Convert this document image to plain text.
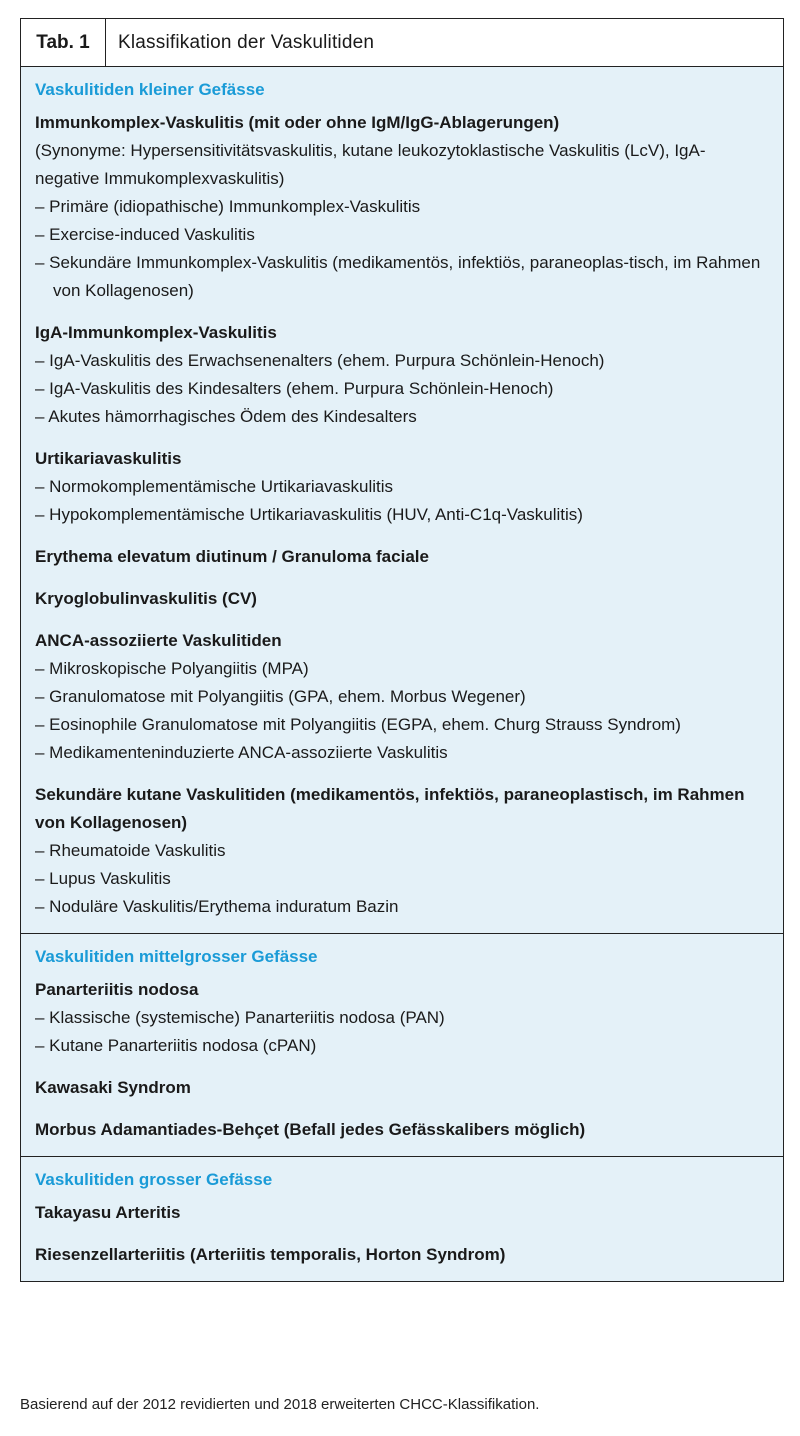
Tab. 1	Klassifikation der Vaskulitiden
Vaskulitiden kleiner Gefässe
Immunkomplex-Vaskulitis (mit oder ohne IgM/IgG-Ablagerungen)
(Synonyme: Hypersensitivitätsvaskulitis, kutane leukozytoklastische Vaskulitis (LcV), IgA-negative Immukomplexvaskulitis)
– Primäre (idiopathische) Immunkomplex-Vaskulitis
– Exercise-induced Vaskulitis
– Sekundäre Immunkomplex-Vaskulitis (medikamentös, infektiös, paraneoplas-tisch, im Rahmen von Kollagenosen)
IgA-Immunkomplex-Vaskulitis
– IgA-Vaskulitis des Erwachsenenalters (ehem. Purpura Schönlein-Henoch)
– IgA-Vaskulitis des Kindesalters (ehem. Purpura Schönlein-Henoch)
– Akutes hämorrhagisches Ödem des Kindesalters
Urtikariavaskulitis
– Normokomplementämische Urtikariavaskulitis
– Hypokomplementämische Urtikariavaskulitis (HUV, Anti-C1q-Vaskulitis)
Erythema elevatum diutinum / Granuloma faciale
Kryoglobulinvaskulitis (CV)
ANCA-assoziierte Vaskulitiden
– Mikroskopische Polyangiitis (MPA)
– Granulomatose mit Polyangiitis (GPA, ehem. Morbus Wegener)
– Eosinophile Granulomatose mit Polyangiitis (EGPA, ehem. Churg Strauss Syndrom)
– Medikamenteninduzierte ANCA-assoziierte Vaskulitis
Sekundäre kutane Vaskulitiden (medikamentös, infektiös, paraneoplastisch, im Rahmen von Kollagenosen)
– Rheumatoide Vaskulitis
– Lupus Vaskulitis
– Noduläre Vaskulitis/Erythema induratum Bazin
Vaskulitiden mittelgrosser Gefässe
Panarteriitis nodosa
– Klassische (systemische) Panarteriitis nodosa (PAN)
– Kutane Panarteriitis nodosa (cPAN)
Kawasaki Syndrom
Morbus Adamantiades-Behçet (Befall jedes Gefässkalibers möglich)
Vaskulitiden grosser Gefässe
Takayasu Arteritis
Riesenzellarteriitis (Arteriitis temporalis, Horton Syndrom)
Basierend auf der 2012 revidierten und 2018 erweiterten CHCC-Klassifikation.
